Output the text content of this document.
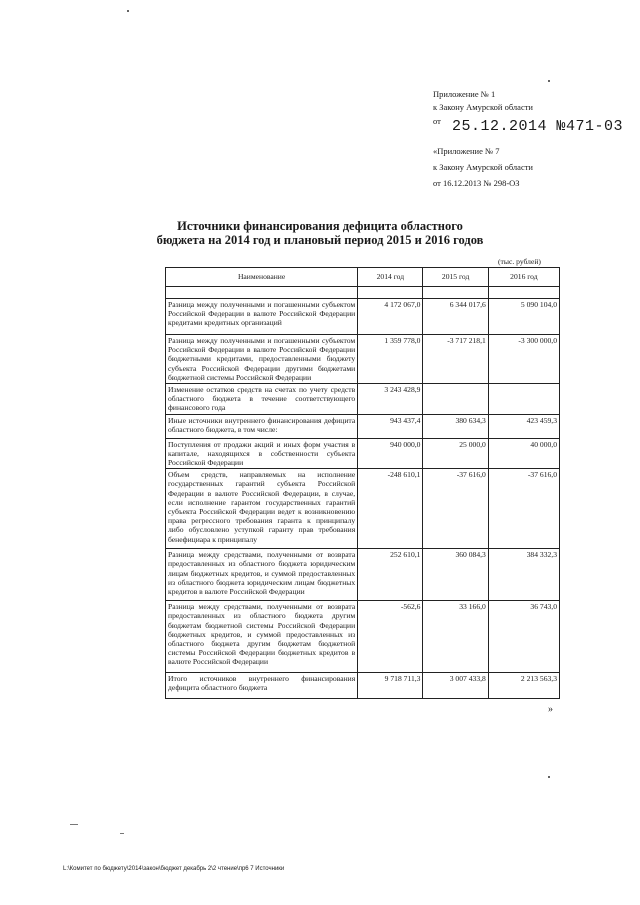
Приложение № 1
к Закону Амурской области
от 25.12.2014 №471-03
«Приложение № 7
к Закону Амурской области
от 16.12.2013 № 298-ОЗ
Источники финансирования дефицита областного
бюджета на 2014 год и плановый период 2015 и 2016 годов
(тыс. рублей)
Наименование	2014 год	2015 год	2016 год

Разница между полученными и погашенными субъектом Российской Федерации в валюте Российской Федерации кредитами кредитных организаций	4 172 067,0	6 344 017,6	5 090 104,0
Разница между полученными и погашенными субъектом Российской Федерации в валюте Российской Федерации бюджетными кредитами, предоставленными бюджету субъекта Российской Федерации другими бюджетами бюджетной системы Российской Федерации	1 359 778,0	-3 717 218,1	-3 300 000,0
Изменение остатков средств на счетах по учету средств областного бюджета в течение соответствующего финансового года	3 243 428,9		
Иные источники внутреннего финансирования дефицита областного бюджета, в том числе:	943 437,4	380 634,3	423 459,3
Поступления от продажи акций и иных форм участия в капитале, находящихся в собственности субъекта Российской Федерации	940 000,0	25 000,0	40 000,0
Объем средств, направляемых на исполнение государственных гарантий субъекта Российской Федерации в валюте Российской Федерации, в случае, если исполнение гарантом государственных гарантий субъекта Российской Федерации ведет к возникновению права регрессного требования гаранта к принципалу либо обусловлено уступкой гаранту прав требования бенефициара к принципалу	-248 610,1	-37 616,0	-37 616,0
Разница между средствами, полученными от возврата предоставленных из областного бюджета юридическим лицам бюджетных кредитов, и суммой предоставленных из областного бюджета юридическим лицам бюджетных кредитов в валюте Российской Федерации	252 610,1	360 084,3	384 332,3
Разница между средствами, полученными от возврата предоставленных из областного бюджета другим бюджетам бюджетной системы Российской Федерации бюджетных кредитов, и суммой предоставленных из областного бюджета другим бюджетам бюджетной системы Российской Федерации бюджетных кредитов в валюте Российской Федерации	-562,6	33 166,0	36 743,0
Итого источников внутреннего финансирования дефицита областного бюджета	9 718 711,3	3 007 433,8	2 213 563,3
»
L:\Комитет по бюджету\2014\закон\бюджет декабрь 2\2 чтение\пр6 7 Источники
